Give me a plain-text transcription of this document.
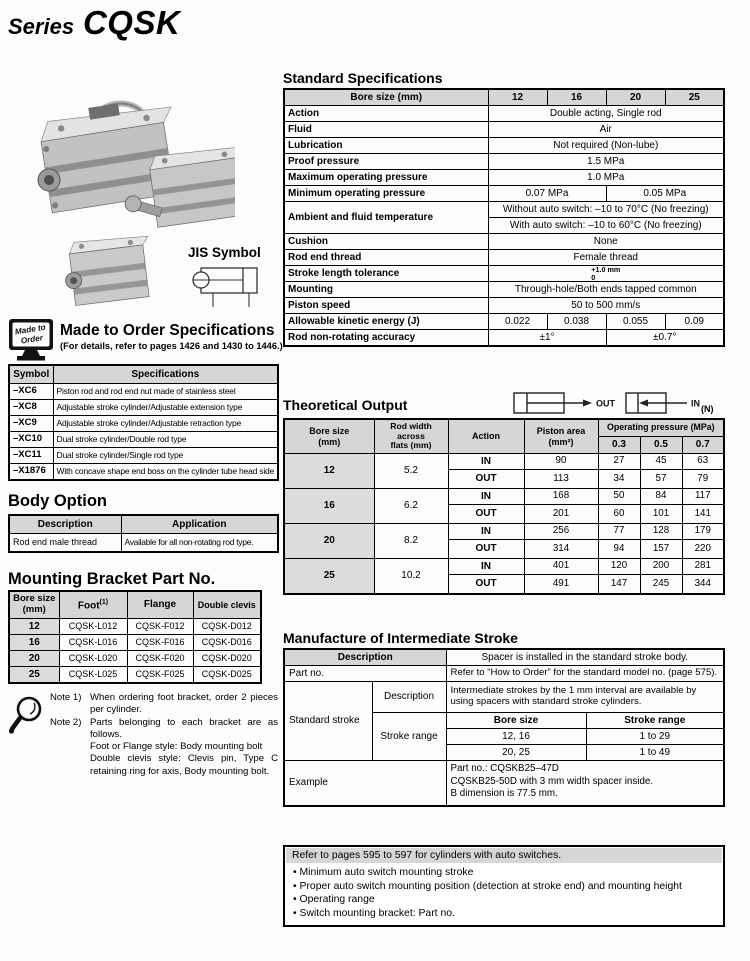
Series CQSK
JIS Symbol
Made to
Order
Made to Order Specifications
(For details, refer to pages 1426 and 1430 to 1446.)
Symbol	Specifications
–XC6	Piston rod and rod end nut made of stainless steel
–XC8	Adjustable stroke cylinder/Adjustable extension type
–XC9	Adjustable stroke cylinder/Adjustable retraction type
–XC10	Dual stroke cylinder/Double rod type
–XC11	Dual stroke cylinder/Single rod type
–X1876	With concave shape end boss on the cylinder tube head side
Body Option
Description	Application
Rod end male thread	Available for all non-rotating rod type.
Mounting Bracket Part No.
Bore size
(mm)	Foot$^{(1)}$	Flange	Double clevis
12	CQSK-L012	CQSK-F012	CQSK-D012
16	CQSK-L016	CQSK-F016	CQSK-D016
20	CQSK-L020	CQSK-F020	CQSK-D020
25	CQSK-L025	CQSK-F025	CQSK-D025
Note 1) When ordering foot bracket, order 2 pieces per cylinder.
Note 2) Parts belonging to each bracket are as follows.
Foot or Flange style: Body mounting bolt
Double clevis style: Clevis pin, Type C retaining ring for axis, Body mounting bolt.
Standard Specifications
Bore size (mm)	12	16	20	25
Action	Double acting, Single rod			
Fluid	Air			
Lubrication	Not required (Non-lube)			
Proof pressure	1.5 MPa			
Maximum operating pressure	1.0 MPa			
Minimum operating pressure	0.07 MPa		0.05 MPa	
Ambient and fluid temperature	Without auto switch: –10 to 70°C (No freezing)			
	With auto switch: –10 to 60°C (No freezing)			
Cushion	None			
Rod end thread	Female thread			
Stroke length tolerance	+1.0 mm
0			

Mounting	Through-hole/Both ends tapped common			
Piston speed	50 to 500 mm/s			
Allowable kinetic energy (J)	0.022	0.038	0.055	0.09
Rod non-rotating accuracy	±1°		±0.7°	
Theoretical Output	OUT	IN
(N)
Bore size
(mm)

Rod width across
flats (mm)
	Action	
Piston area
(mm²)
	Operating pressure (MPa)
				0.3	0.5	0.7
12	5.2	IN	90	27	45	63
		OUT	113	34	57	79
16	6.2	IN	168	50	84	117
		OUT	201	60	101	141
20	8.2	IN	256	77	128	179
		OUT	314	94	157	220
25	10.2	IN	401	120	200	281
		OUT	491	147	245	344
Manufacture of Intermediate Stroke
Description		Spacer is installed in the standard stroke body.	
Part no.		Refer to “How to Order” for the standard model no. (page 575).	
Standard stroke	Description	Intermediate strokes by the 1 mm interval are available by using spacers with standard stroke cylinders.	
	Stroke range	Bore size	Stroke range
		12, 16	1 to 29
		20, 25	1 to 49
Example		Part no.: CQSKB25–47D
CQSKB25-50D with 3 mm width spacer inside.
B dimension is 77.5 mm.	
Refer to pages 595 to 597 for cylinders with auto switches.
• Minimum auto switch mounting stroke
• Proper auto switch mounting position (detection at stroke end) and mounting height
• Operating range
• Switch mounting bracket: Part no.
